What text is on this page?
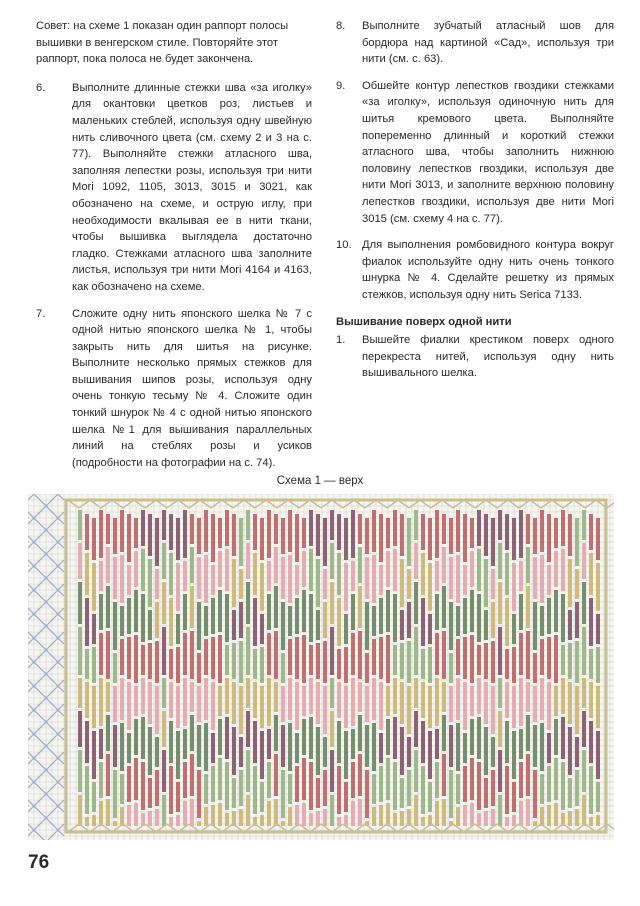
Совет: на схеме 1 показан один раппорт полосы вышивки в венгерском стиле. Повторяйте этот раппорт, пока полоса не будет закончена.

6.	Выполните длинные стежки шва «за иголку» для окантовки цветков роз, листьев и маленьких стеблей, используя одну швейную нить сливочного цвета (см. схему 2 и 3 на с. 77). Выполняйте стежки атласного шва, заполняя лепестки розы, используя три нити Mori 1092, 1105, 3013, 3015 и 3021, как обозначено на схеме, и острую иглу, при необходимости вкалывая ее в нити ткани, чтобы вышивка выглядела достаточно гладко. Стежками атласного шва заполните листья, используя три нити Mori 4164 и 4163, как обозначено на схеме.
7.	Сложите одну нить японского шелка № 7 с одной нитью японского шелка № 1, чтобы закрыть нить для шитья на рисунке. Выполните несколько прямых стежков для вышивания шипов розы, используя одну очень тонкую тесьму № 4. Сложите один тонкий шнурок № 4 с одной нитью японского шелка №1 для вышивания параллельных линий на стеблях розы и усиков (подробности на фотографии на с. 74).
8.	Выполните зубчатый атласный шов для бордюра над картиной «Сад», используя три нити (см. с. 63).
9.	Обшейте контур лепестков гвоздики стежками «за иголку», используя одиночную нить для шитья кремового цвета. Выполняйте попеременно длинный и короткий стежки атласного шва, чтобы заполнить нижнюю половину лепестков гвоздики, используя две нити Mori 3013, и заполните верхнюю половину лепестков гвоздики, используя две нити Mori 3015 (см. схему 4 на с. 77).
10. Для выполнения ромбовидного контура вокруг фиалок используйте одну нить очень тонкого шнурка № 4. Сделайте решетку из прямых стежков, используя одну нить Serica 7133.
Вышивание поверх одной нити
1.	Вышейте фиалки крестиком поверх одного перекреста нитей, используя одну нить вышивального шелка.
Схема 1 — верх
76
